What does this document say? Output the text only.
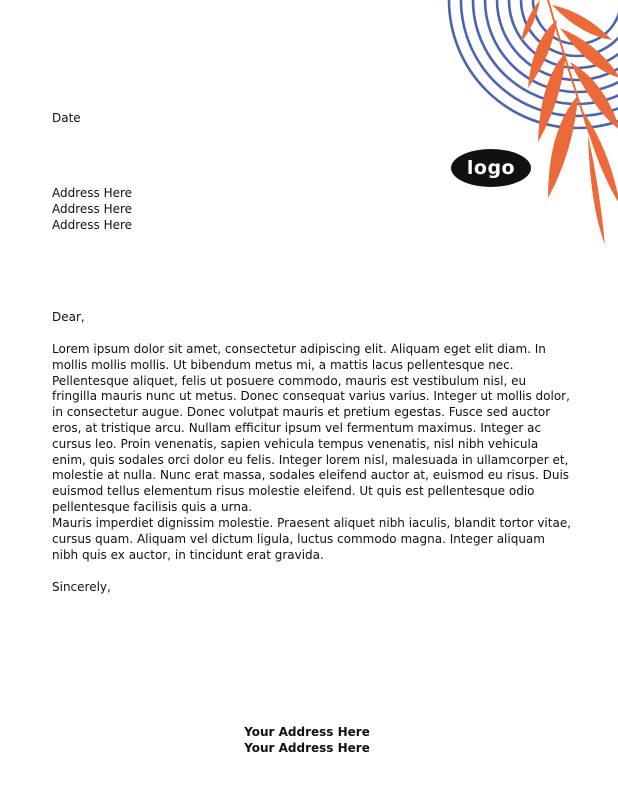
Date
Address Here
Address Here
Address Here
logo
Dear,
Lorem ipsum dolor sit amet, consectetur adipiscing elit. Aliquam eget elit diam. In mollis mollis mollis. Ut bibendum metus mi, a mattis lacus pellentesque nec. Pellentesque aliquet, felis ut posuere commodo, mauris est vestibulum nisl, eu fringilla mauris nunc ut metus. Donec consequat varius varius. Integer ut mollis dolor, in consectetur augue. Donec volutpat mauris et pretium egestas. Fusce sed auctor eros, at tristique arcu. Nullam efficitur ipsum vel fermentum maximus. Integer ac cursus leo. Proin venenatis, sapien vehicula tempus venenatis, nisl nibh vehicula enim, quis sodales orci dolor eu felis. Integer lorem nisl, malesuada in ullamcorper et, molestie at nulla. Nunc erat massa, sodales eleifend auctor at, euismod eu risus. Duis euismod tellus elementum risus molestie eleifend. Ut quis est pellentesque odio pellentesque facilisis quis a urna.
Mauris imperdiet dignissim molestie. Praesent aliquet nibh iaculis, blandit tortor vitae, cursus quam. Aliquam vel dictum ligula, luctus commodo magna. Integer aliquam nibh quis ex auctor, in tincidunt erat gravida.
Sincerely,
Your Address Here
Your Address Here
